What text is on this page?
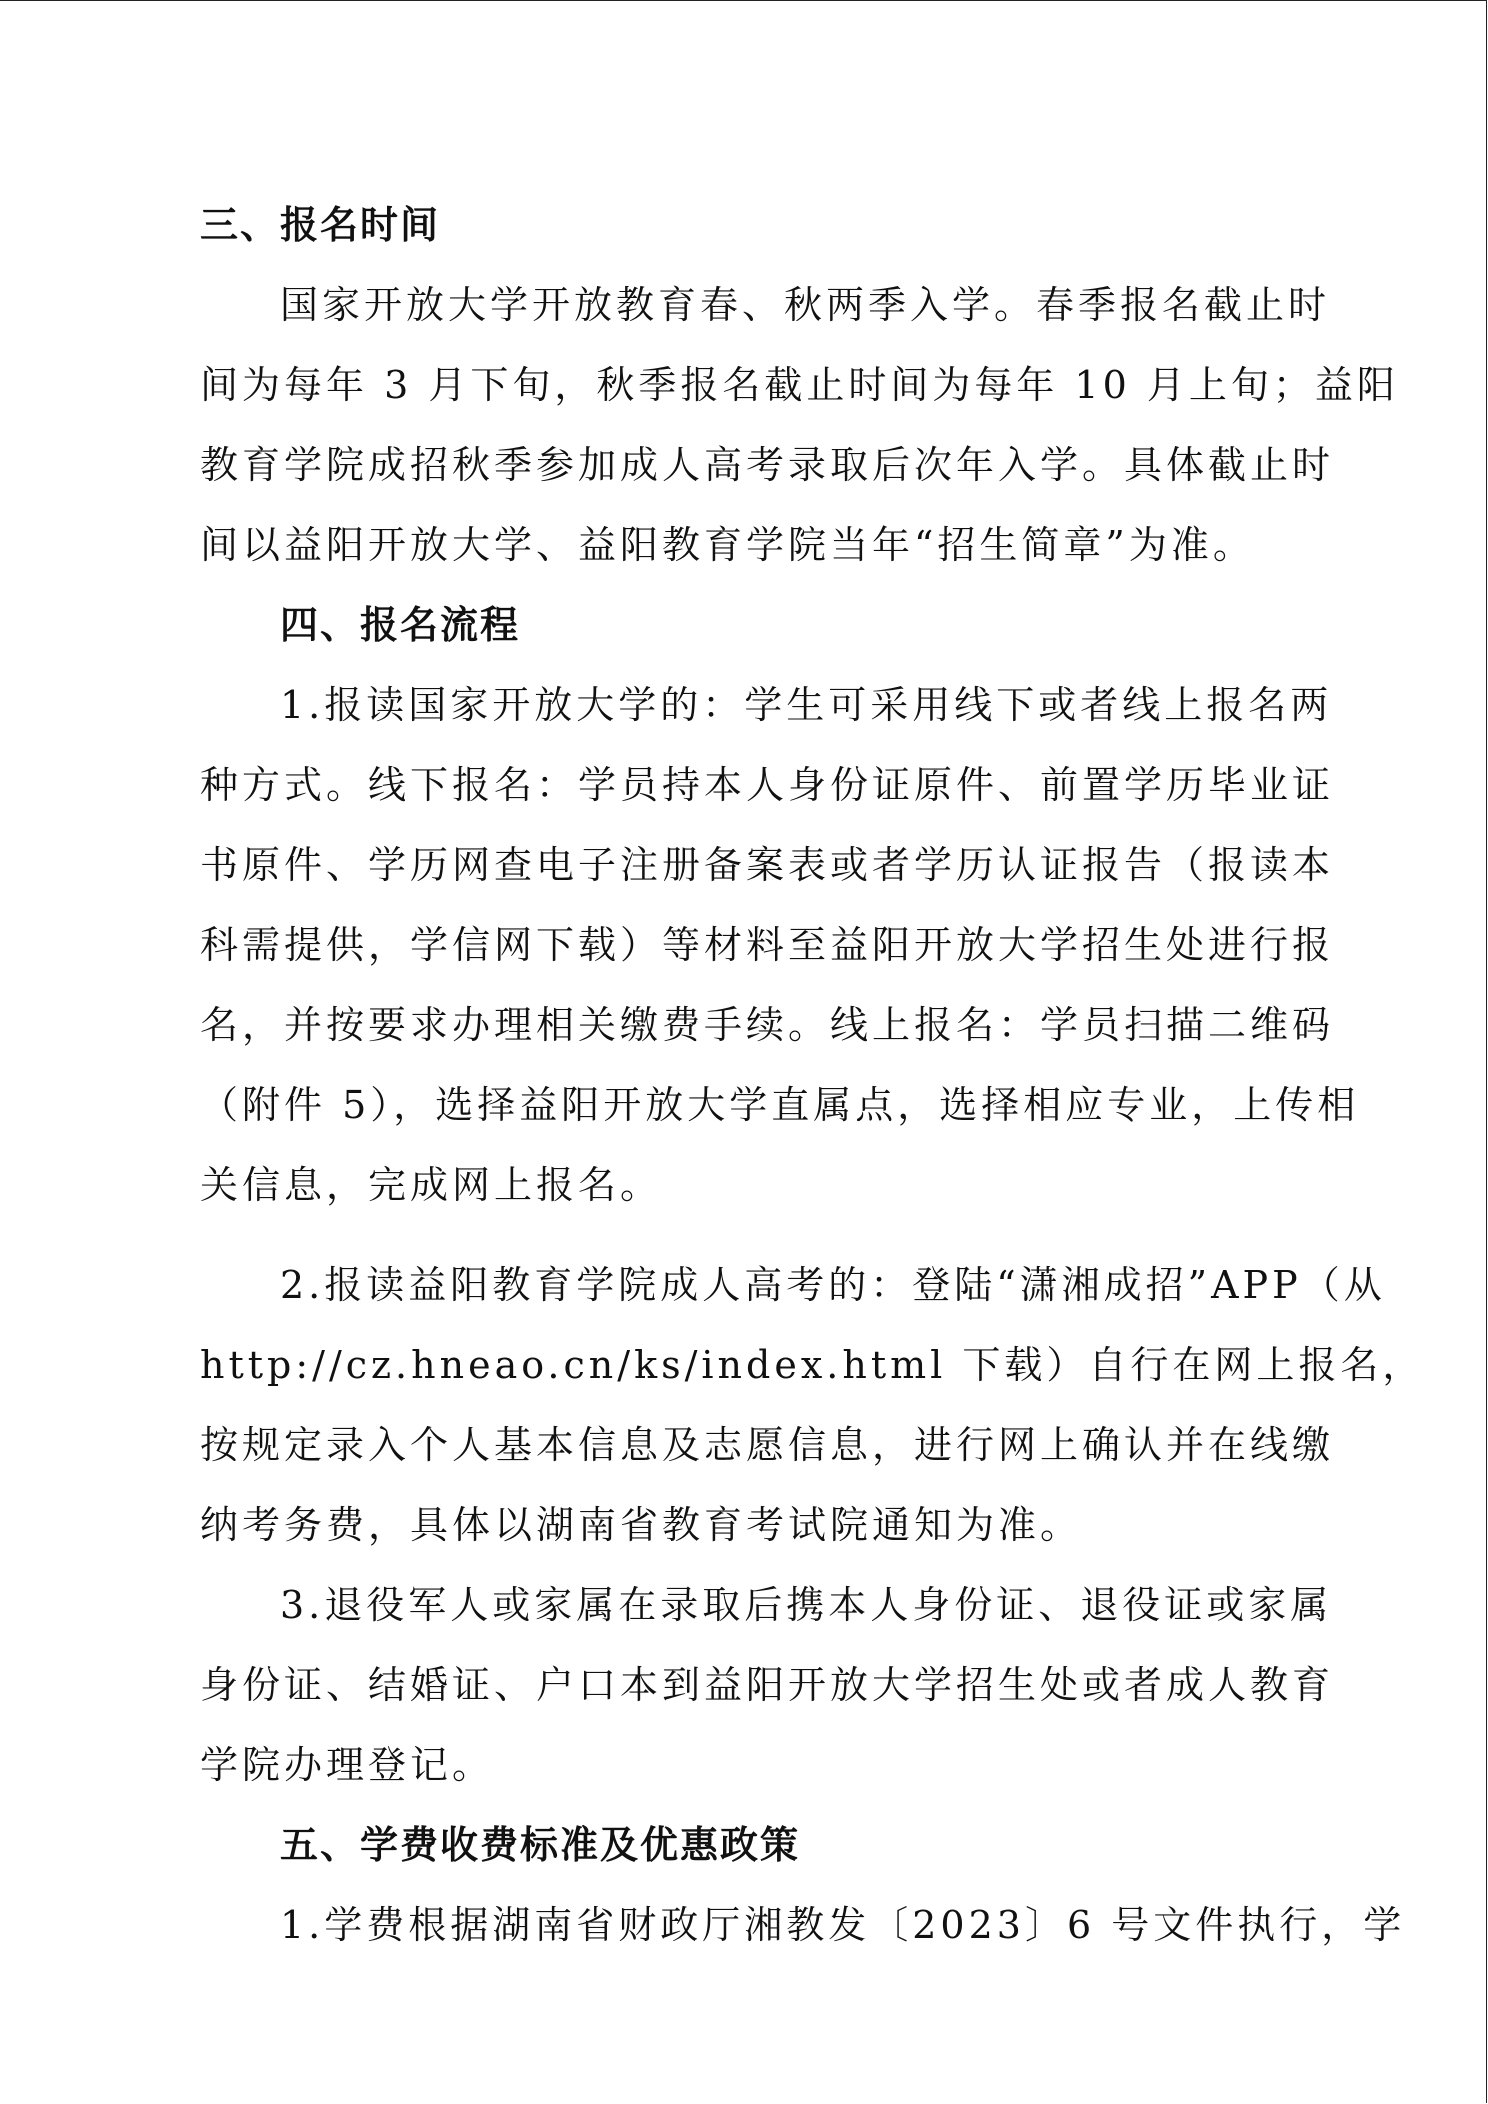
三、报名时间
国家开放大学开放教育春、秋两季入学。春季报名截止时
间为每年 3 月下旬，秋季报名截止时间为每年 10 月上旬；益阳
教育学院成招秋季参加成人高考录取后次年入学。具体截止时
间以益阳开放大学、益阳教育学院当年“招生简章”为准。
四、报名流程
1.报读国家开放大学的：学生可采用线下或者线上报名两
种方式。线下报名：学员持本人身份证原件、前置学历毕业证
书原件、学历网查电子注册备案表或者学历认证报告（报读本
科需提供，学信网下载）等材料至益阳开放大学招生处进行报
名，并按要求办理相关缴费手续。线上报名：学员扫描二维码
（附件 5），选择益阳开放大学直属点，选择相应专业，上传相
关信息，完成网上报名。
2.报读益阳教育学院成人高考的：登陆“潇湘成招”APP（从
http://cz.hneao.cn/ks/index.html 下载）自行在网上报名，
按规定录入个人基本信息及志愿信息，进行网上确认并在线缴
纳考务费，具体以湖南省教育考试院通知为准。
3.退役军人或家属在录取后携本人身份证、退役证或家属
身份证、结婚证、户口本到益阳开放大学招生处或者成人教育
学院办理登记。
五、学费收费标准及优惠政策
1.学费根据湖南省财政厅湘教发〔2023〕6 号文件执行，学
